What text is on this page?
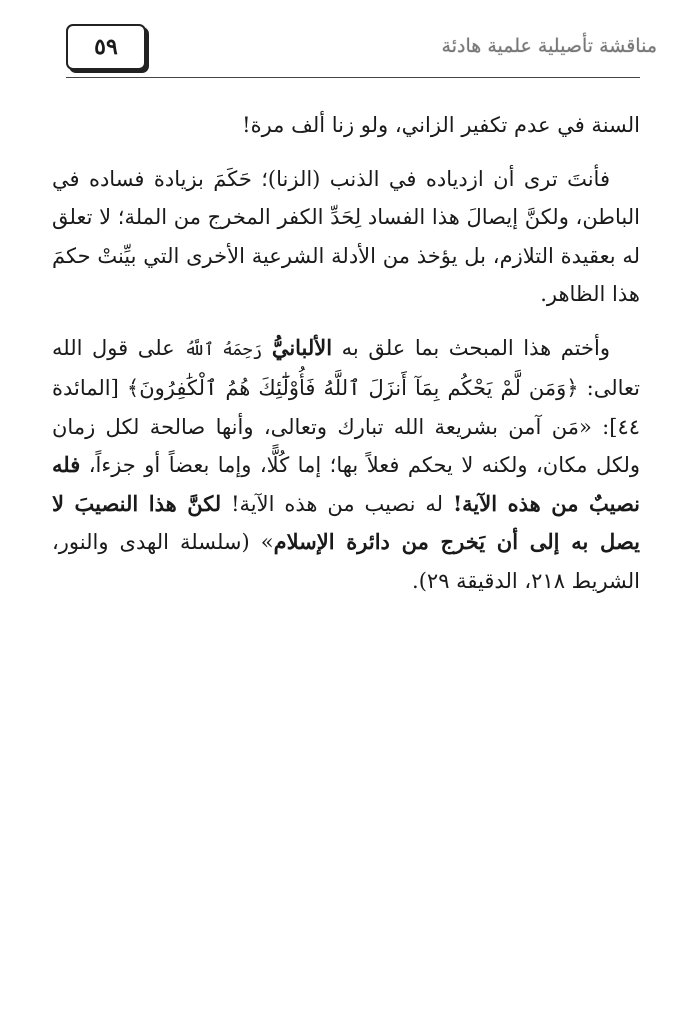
٥٩	مناقشة تأصيلية علمية هادئة

السنة في عدم تكفير الزاني، ولو زنا ألف مرة!

فأنتَ ترى أن ازدياده في الذنب (الزنا)؛ حَكَمَ بزيادة فساده في الباطن، ولكنَّ إيصالَ هذا الفساد لِحَدِّ الكفر المخرج من الملة؛ لا تعلق له بعقيدة التلازم، بل يؤخذ من الأدلة الشرعية الأخرى التي بيِّنتْ حكمَ هذا الظاهر.

وأختم هذا المبحث بما علق به الألبانيُّ رَحِمَهُ ٱللَّهُ على قول الله تعالى: ﴿وَمَن لَّمْ يَحْكُم بِمَآ أَنزَلَ ٱللَّهُ فَأُوْلَٰٓئِكَ هُمُ ٱلْكَٰفِرُونَ﴾ [المائدة ٤٤]: «مَن آمن بشريعة الله تبارك وتعالى، وأنها صالحة لكل زمان ولكل مكان، ولكنه لا يحكم فعلاً بها؛ إما كُلًّا، وإما بعضاً أو جزءاً، فله نصيبٌ من هذه الآية! له نصيب من هذه الآية! لكنَّ هذا النصيبَ لا يصل به إلى أن يَخرج من دائرة الإسلام» (سلسلة الهدى والنور، الشريط ٢١٨، الدقيقة ٢٩).
